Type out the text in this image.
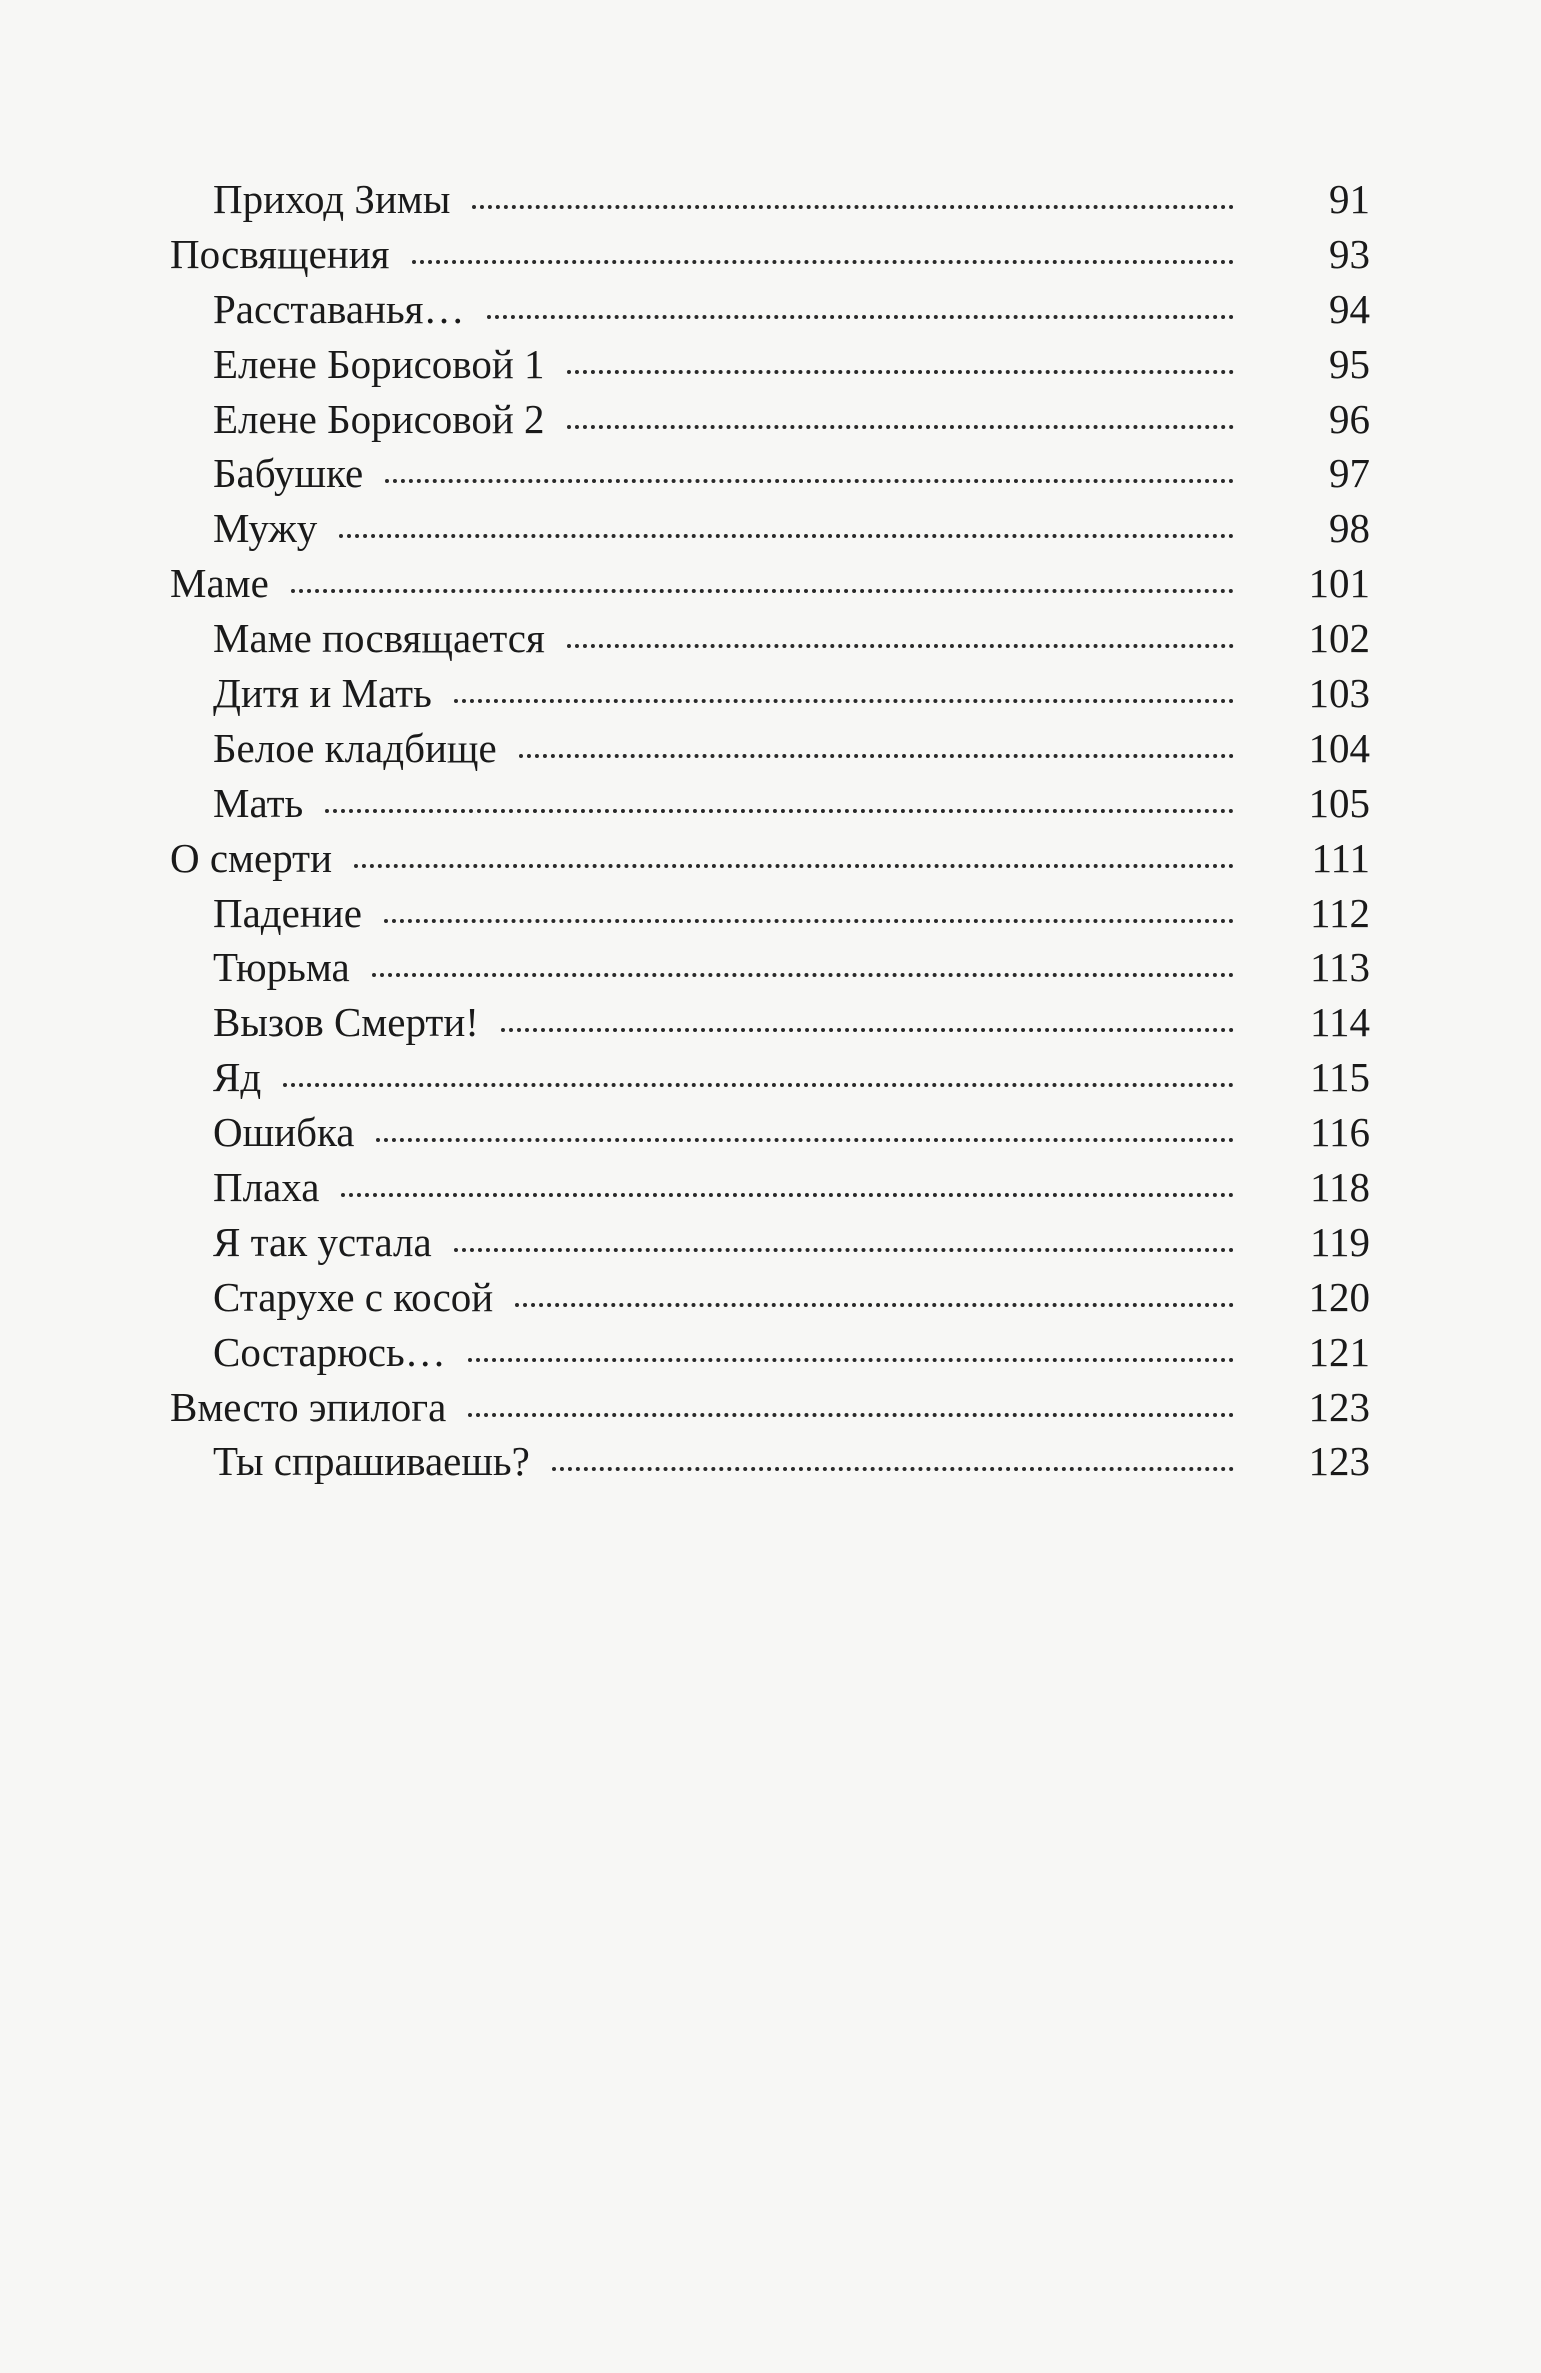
Приход Зимы	91
Посвящения	93
Расставанья…	94
Елене Борисовой 1	95
Елене Борисовой 2	96
Бабушке	97
Мужу	98
Маме	101
Маме посвящается	102
Дитя и Мать	103
Белое кладбище	104
Мать	105
О смерти	111
Падение	112
Тюрьма	113
Вызов Смерти!	114
Яд	115
Ошибка	116
Плаха	118
Я так устала	119
Старухе с косой	120
Состарюсь…	121
Вместо эпилога	123
Ты спрашиваешь?	123
